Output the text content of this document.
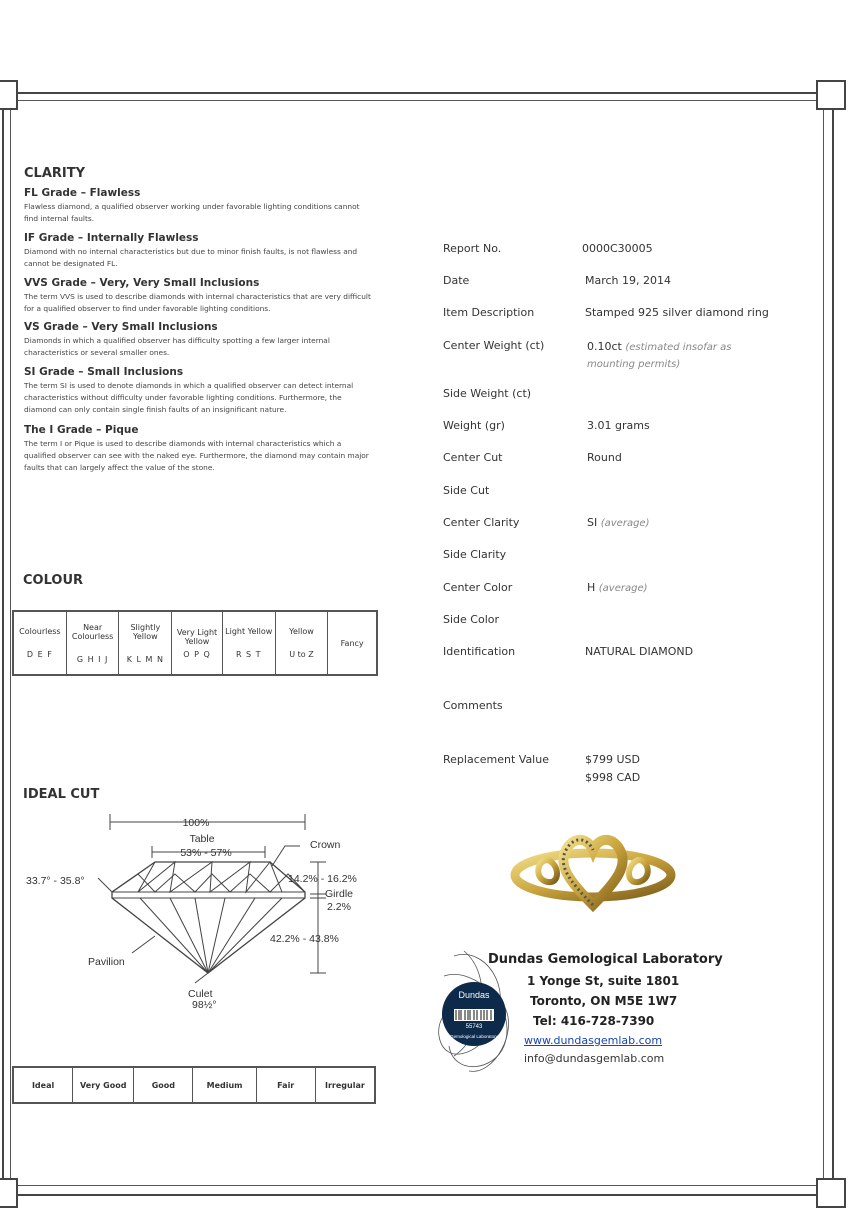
CLARITY
FL Grade – Flawless
Flawless diamond, a qualified observer working under favorable lighting conditions cannot find internal faults.
IF Grade – Internally Flawless
Diamond with no internal characteristics but due to minor finish faults, is not flawless and cannot be designated FL.
VVS Grade – Very, Very Small Inclusions
The term VVS is used to describe diamonds with internal characteristics that are very difficult for a qualified observer to find under favorable lighting conditions.
VS Grade – Very Small Inclusions
Diamonds in which a qualified observer has difficulty spotting a few larger internal characteristics or several smaller ones.
SI Grade – Small Inclusions
The term SI is used to denote diamonds in which a qualified observer can detect internal characteristics without difficulty under favorable lighting conditions. Furthermore, the diamond can only contain single finish faults of an insignificant nature.
The I Grade – Pique
The term I or Pique is used to describe diamonds with internal characteristics which a qualified observer can see with the naked eye. Furthermore, the diamond may contain major faults that can largely affect the value of the stone.
COLOUR
Colourless
D E F

Near Colourless
G H I J

Slightly Yellow
K L M N

Very Light Yellow
O P Q

Light Yellow
R S T

Yellow
U to Z

Fancy
IDEAL CUT
100%
Table
53% - 57%
Crown
33.7° - 35.8°	14.2% - 16.2%
Girdle
2.2%
42.2% - 43.8%
Pavilion
Culet
98½°
Ideal	Very Good	Good	Medium	Fair	Irregular
Report No.	0000C30005
Date	March 19, 2014
Item Description	Stamped 925 silver diamond ring
Center Weight (ct)	0.10ct (estimated insofar as mounting permits)
Side Weight (ct)
Weight (gr)	3.01 grams
Center Cut	Round
Side Cut
Center Clarity	SI (average)
Side Clarity
Center Color	H (average)
Side Color
Identification	NATURAL DIAMOND
Comments
Replacement Value	$799 USD
$998 CAD
Dundas
55743
Gemological Laboratory
Dundas Gemological Laboratory
1 Yonge St, suite 1801
Toronto, ON M5E 1W7
Tel: 416-728-7390
www.dundasgemlab.com
info@dundasgemlab.com
